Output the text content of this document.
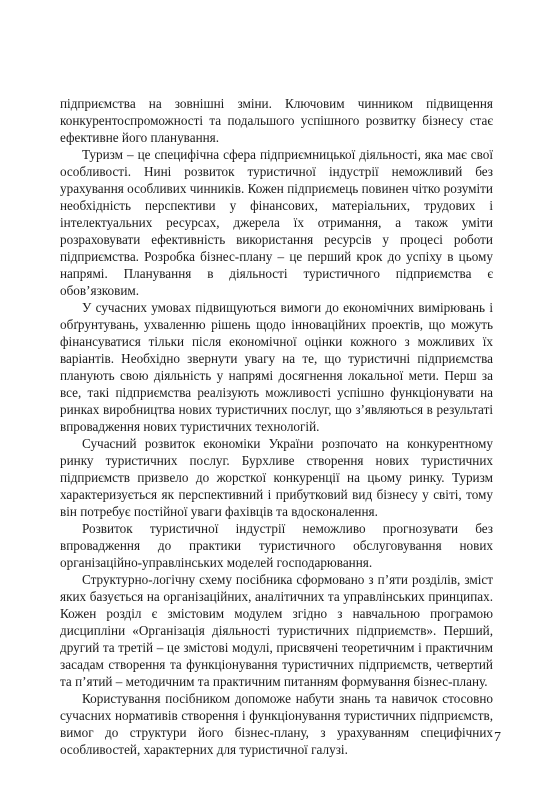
підприємства на зовнішні зміни. Ключовим чинником підвищення конкурентоспроможності та подальшого успішного розвитку бізнесу стає ефективне його планування.

Туризм – це специфічна сфера підприємницької діяльності, яка має свої особливості. Нині розвиток туристичної індустрії неможливий без урахування особливих чинників. Кожен підприємець повинен чітко розуміти необхідність перспективи у фінансових, матеріальних, трудових і інтелектуальних ресурсах, джерела їх отримання, а також уміти розраховувати ефективність використання ресурсів у процесі роботи підприємства. Розробка бізнес-плану – це перший крок до успіху в цьому напрямі. Планування в діяльності туристичного підприємства є обов’язковим.

У сучасних умовах підвищуються вимоги до економічних вимірювань і обґрунтувань, ухваленню рішень щодо інноваційних проектів, що можуть фінансуватися тільки після економічної оцінки кожного з можливих їх варіантів. Необхідно звернути увагу на те, що туристичні підприємства планують свою діяльність у напрямі досягнення локальної мети. Перш за все, такі підприємства реалізують можливості успішно функціонувати на ринках виробництва нових туристичних послуг, що з’являються в результаті впровадження нових туристичних технологій.

Сучасний розвиток економіки України розпочато на конкурентному ринку туристичних послуг. Бурхливе створення нових туристичних підприємств призвело до жорсткої конкуренції на цьому ринку. Туризм характеризується як перспективний і прибутковий вид бізнесу у світі, тому він потребує постійної уваги фахівців та вдосконалення.

Розвиток туристичної індустрії неможливо прогнозувати без впровадження до практики туристичного обслуговування нових організаційно-управлінських моделей господарювання.

Структурно-логічну схему посібника сформовано з п’яти розділів, зміст яких базується на організаційних, аналітичних та управлінських принципах. Кожен розділ є змістовим модулем згідно з навчальною програмою дисципліни «Організація діяльності туристичних підприємств». Перший, другий та третій – це змістові модулі, присвячені теоретичним і практичним засадам створення та функціонування туристичних підприємств, четвертий та п’ятий – методичним та практичним питанням формування бізнес-плану.

Користування посібником допоможе набути знань та навичок стосовно сучасних нормативів створення і функціонування туристичних підприємств, вимог до структури його бізнес-плану, з урахуванням специфічних особливостей, характерних для туристичної галузі.

7
